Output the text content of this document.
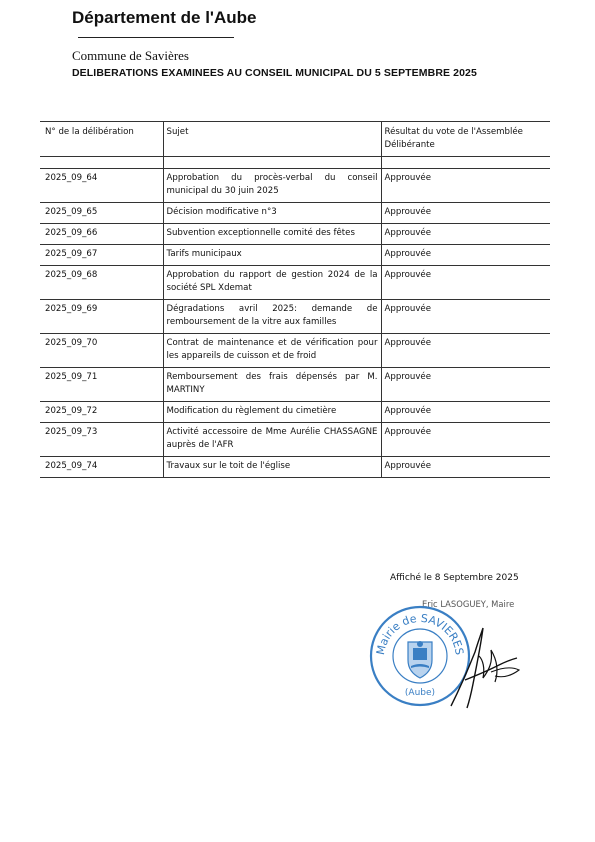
Département de l'Aube
Commune de Savières
DELIBERATIONS EXAMINEES AU CONSEIL MUNICIPAL DU 5 SEPTEMBRE 2025
N° de la délibération	Sujet	Résultat du vote de l'Assemblée Délibérante

2025_09_64	Approbation du procès-verbal du conseil municipal du 30 juin 2025	Approuvée
2025_09_65	Décision modificative n°3	Approuvée
2025_09_66	Subvention exceptionnelle comité des fêtes	Approuvée
2025_09_67	Tarifs municipaux	Approuvée
2025_09_68	Approbation du rapport de gestion 2024 de la société SPL Xdemat	Approuvée
2025_09_69	Dégradations avril 2025: demande de remboursement de la vitre aux familles	Approuvée
2025_09_70	Contrat de maintenance et de vérification pour les appareils de cuisson et de froid	Approuvée
2025_09_71	Remboursement des frais dépensés par M. MARTINY	Approuvée
2025_09_72	Modification du règlement du cimetière	Approuvée
2025_09_73	Activité accessoire de Mme Aurélie CHASSAGNE auprès de l'AFR	Approuvée
2025_09_74	Travaux sur le toit de l'église	Approuvée
Affiché le 8 Septembre 2025
Eric LASOGUEY, Maire
Mairie de SAVIERES
(Aube)
